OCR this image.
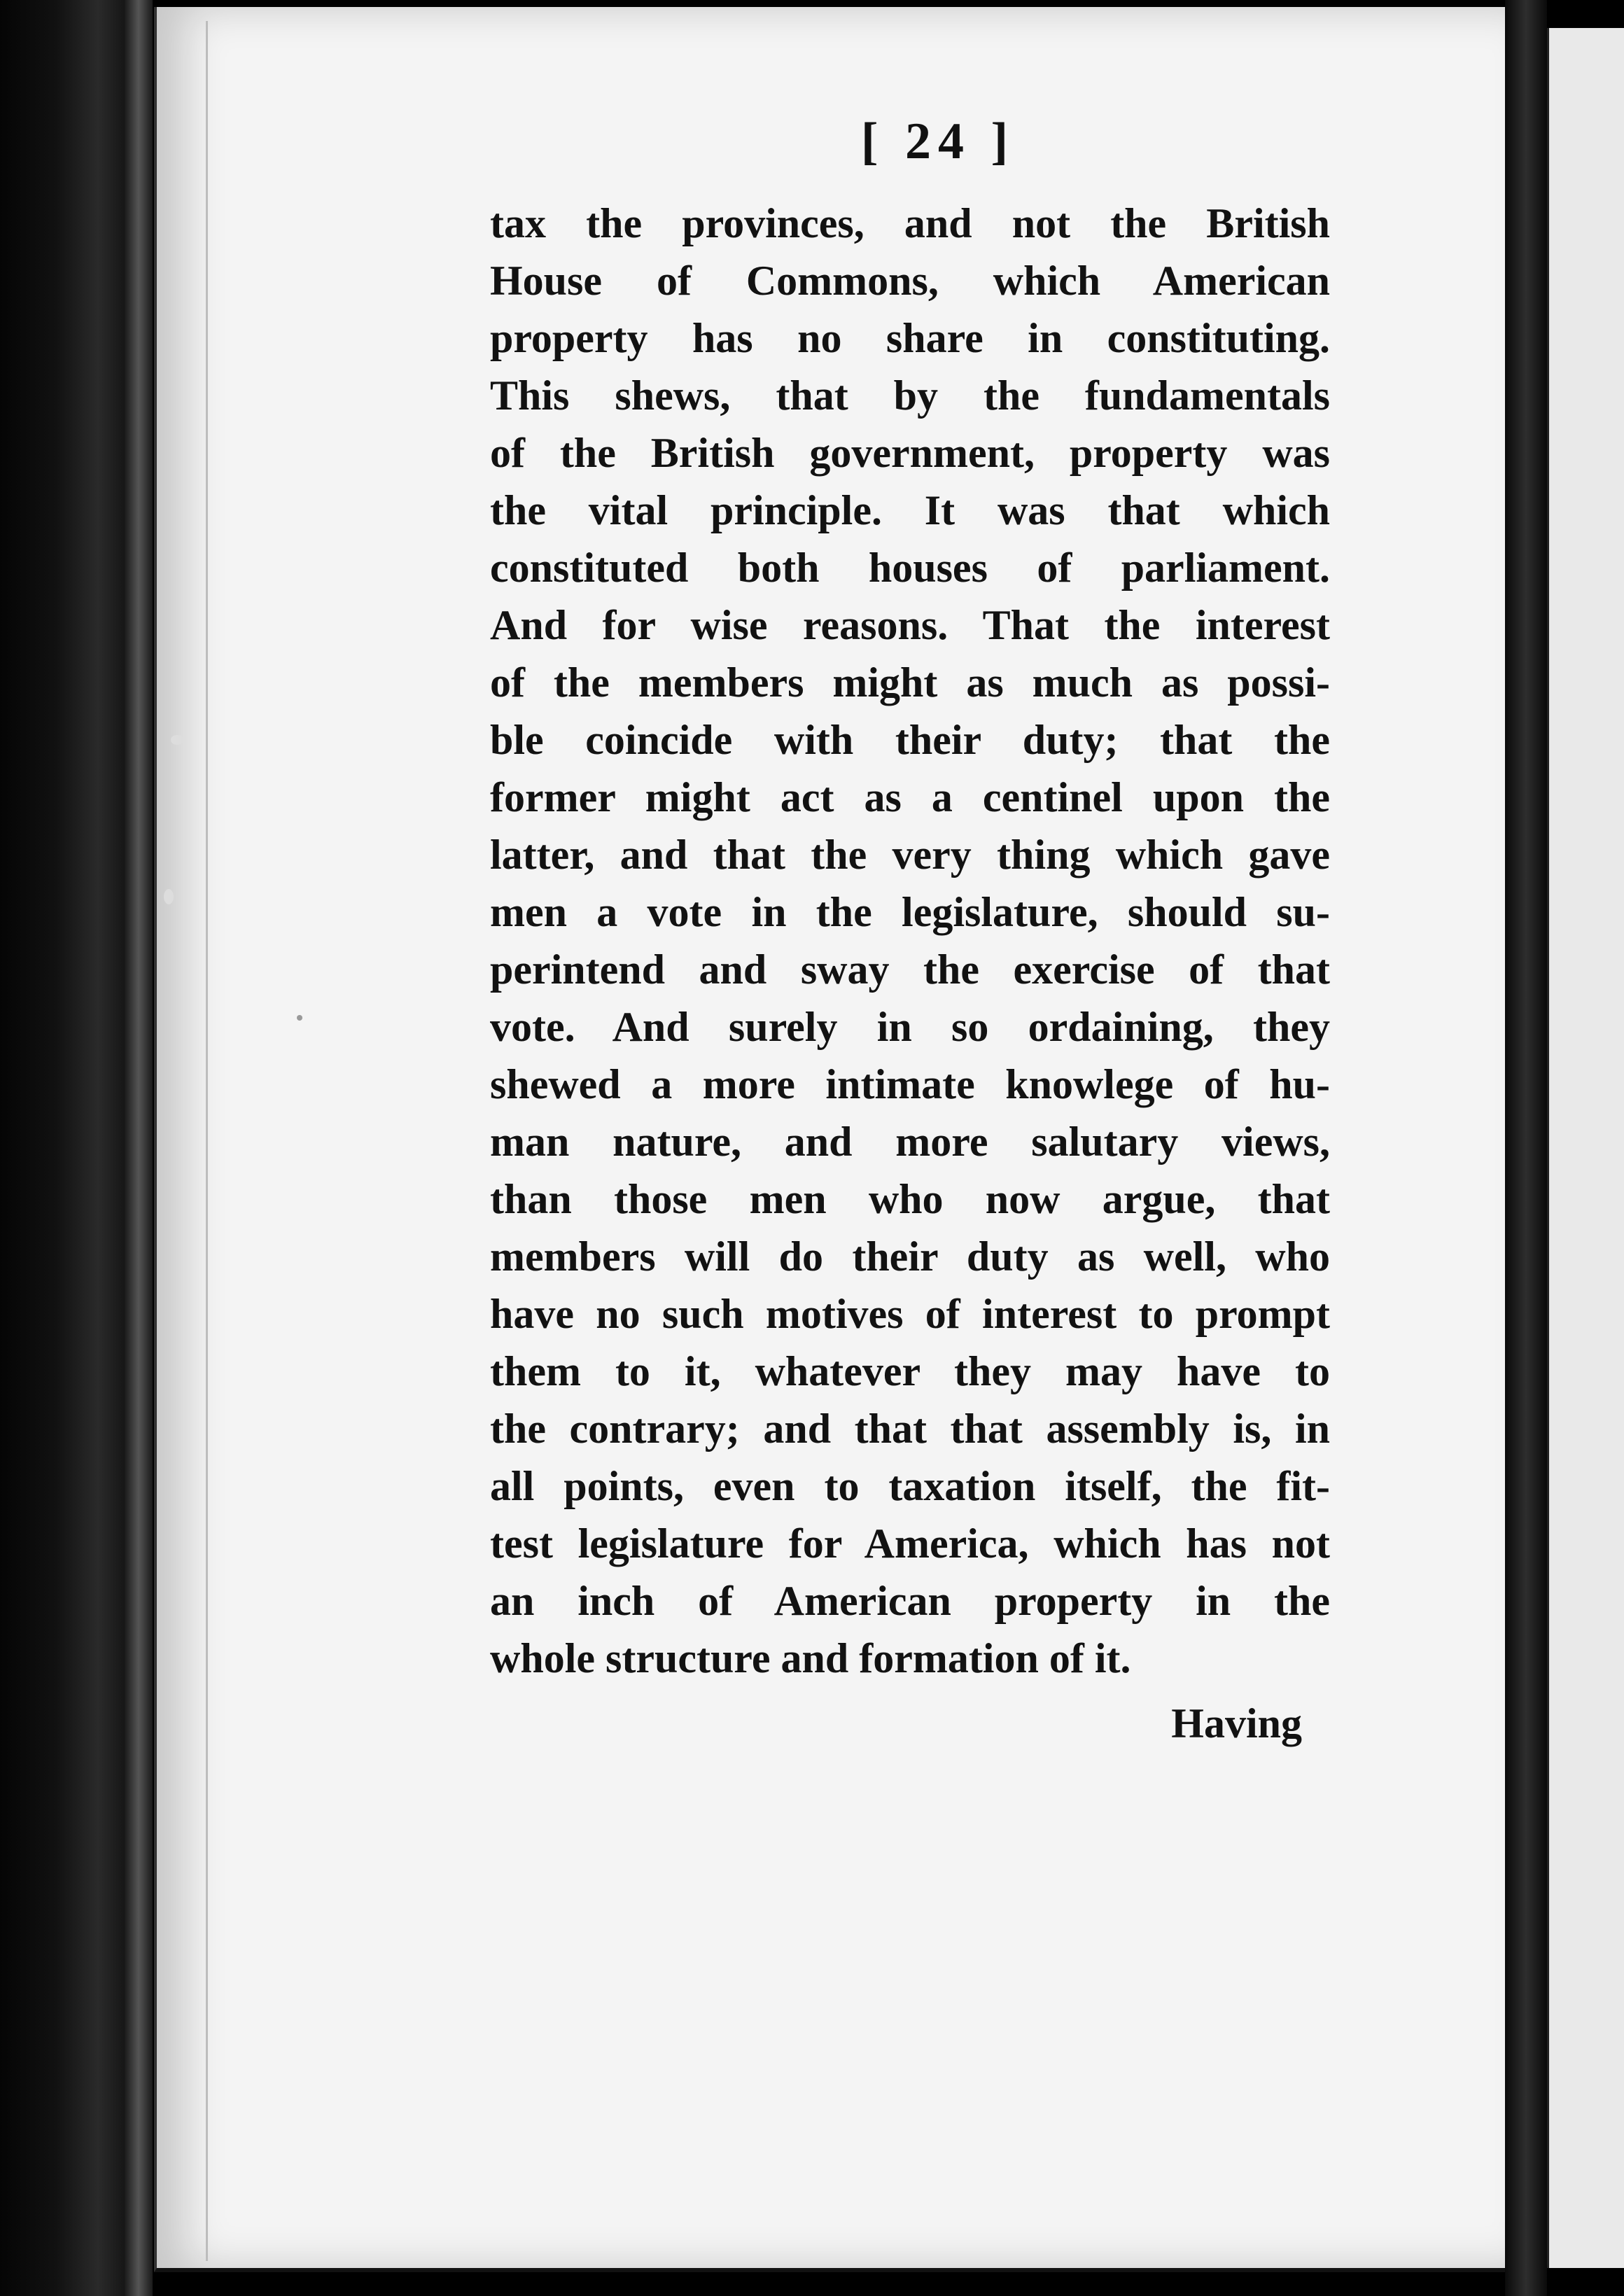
[ 24 ]
tax the provinces, and not the British
House of Commons, which American
property has no share in constituting.
This shews, that by the fundamentals
of the British government, property was
the vital principle. It was that which
constituted both houses of parliament.
And for wise reasons. That the interest
of the members might as much as possi-
ble coincide with their duty; that the
former might act as a centinel upon the
latter, and that the very thing which gave
men a vote in the legislature, should su-
perintend and sway the exercise of that
vote. And surely in so ordaining, they
shewed a more intimate knowlege of hu-
man nature, and more salutary views,
than those men who now argue, that
members will do their duty as well, who
have no such motives of interest to prompt
them to it, whatever they may have to
the contrary; and that that assembly is, in
all points, even to taxation itself, the fit-
test legislature for America, which has not
an inch of American property in the
whole structure and formation of it.
Having
